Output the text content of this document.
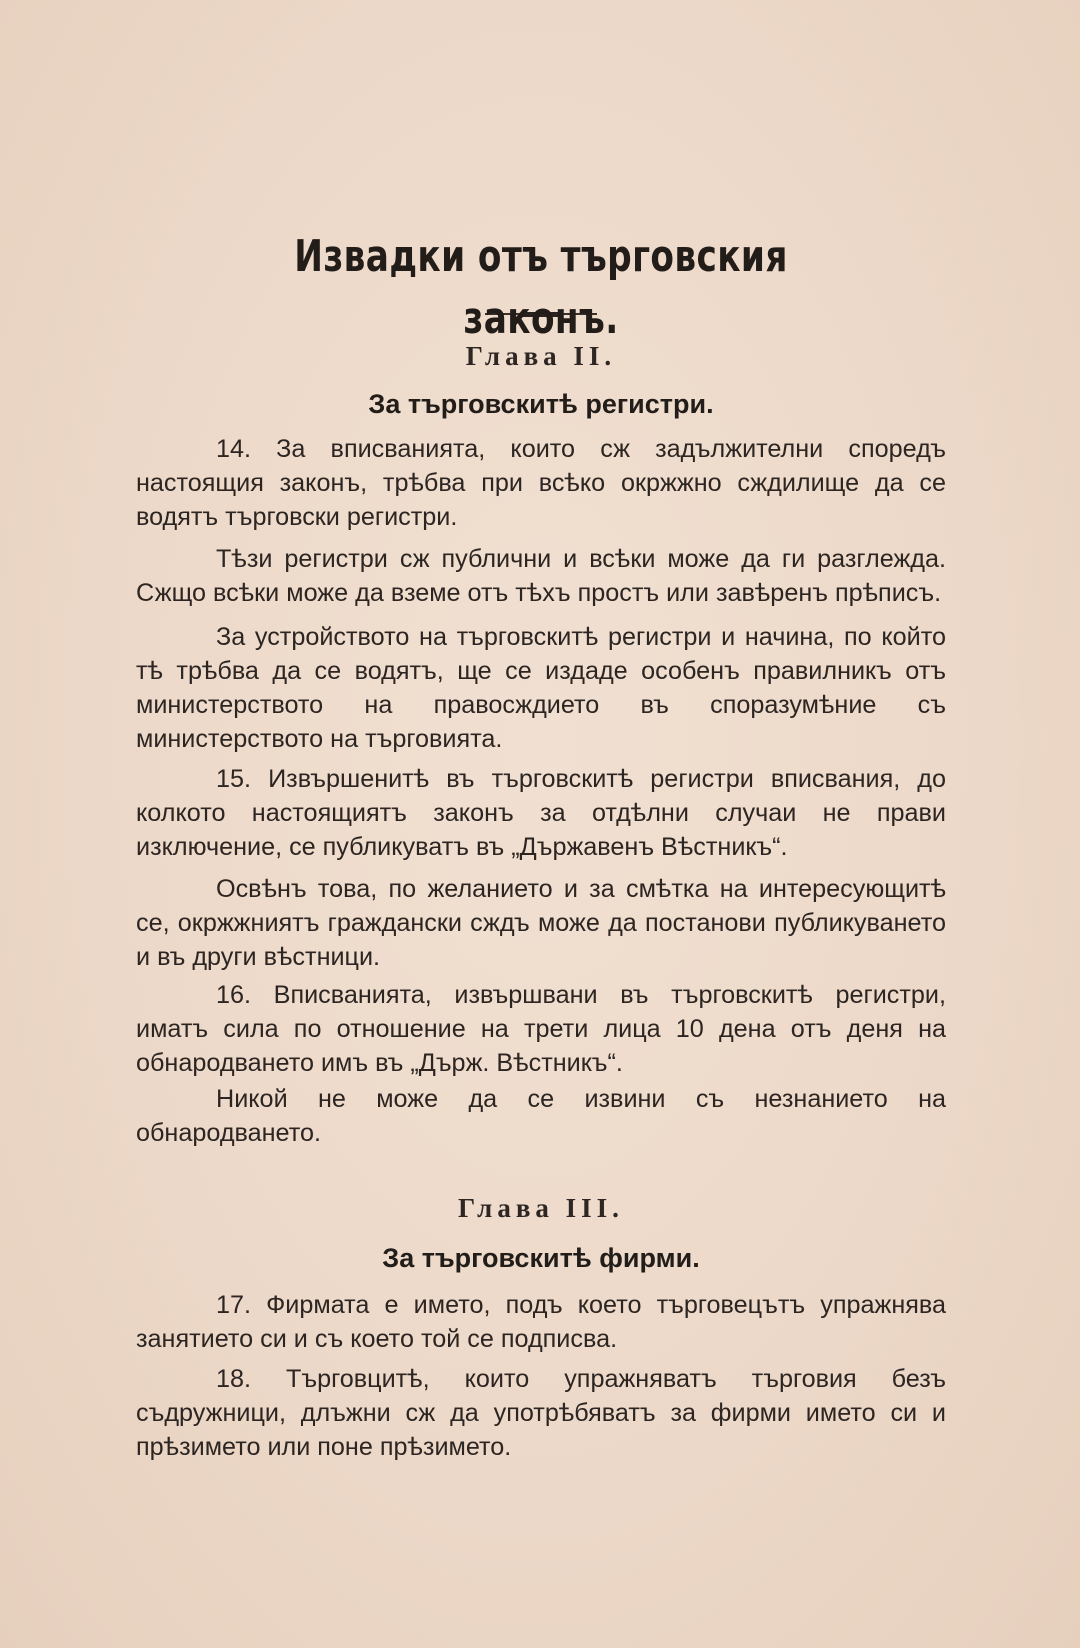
Извадки отъ търговския законъ.
Глава II.
За търговскитѣ регистри.

14. За вписванията, които сж задължителни споредъ настоящия законъ, трѣбва при всѣко окржжно сждилище да се водятъ търговски регистри.

Тѣзи регистри сж публични и всѣки може да ги разглежда. Сжщо всѣки може да вземе отъ тѣхъ простъ или завѣренъ прѣписъ.

За устройството на търговскитѣ регистри и начина, по който тѣ трѣбва да се водятъ, ще се издаде особенъ правилникъ отъ министерството на правосждието въ споразумѣние съ министерството на търговията.

15. Извършенитѣ въ търговскитѣ регистри вписвания, до колкото настоящиятъ законъ за отдѣлни случаи не прави изключение, се публикуватъ въ „Държавенъ Вѣстникъ“.

Освѣнъ това, по желанието и за смѣтка на интересующитѣ се, окржжниятъ граждански сждъ може да постанови публикуването и въ други вѣстници.

16. Вписванията, извършвани въ търговскитѣ регистри, иматъ сила по отношение на трети лица 10 дена отъ деня на обнародването имъ въ „Държ. Вѣстникъ“.

Никой не може да се извини съ незнанието на обнародването.

Глава III.
За търговскитѣ фирми.

17. Фирмата е името, подъ което търговецътъ упражнява занятието си и съ което той се подписва.

18. Търговцитѣ, които упражняватъ търговия безъ съдружници, длъжни сж да употрѣбяватъ за фирми името си и прѣзимето или поне прѣзимето.
